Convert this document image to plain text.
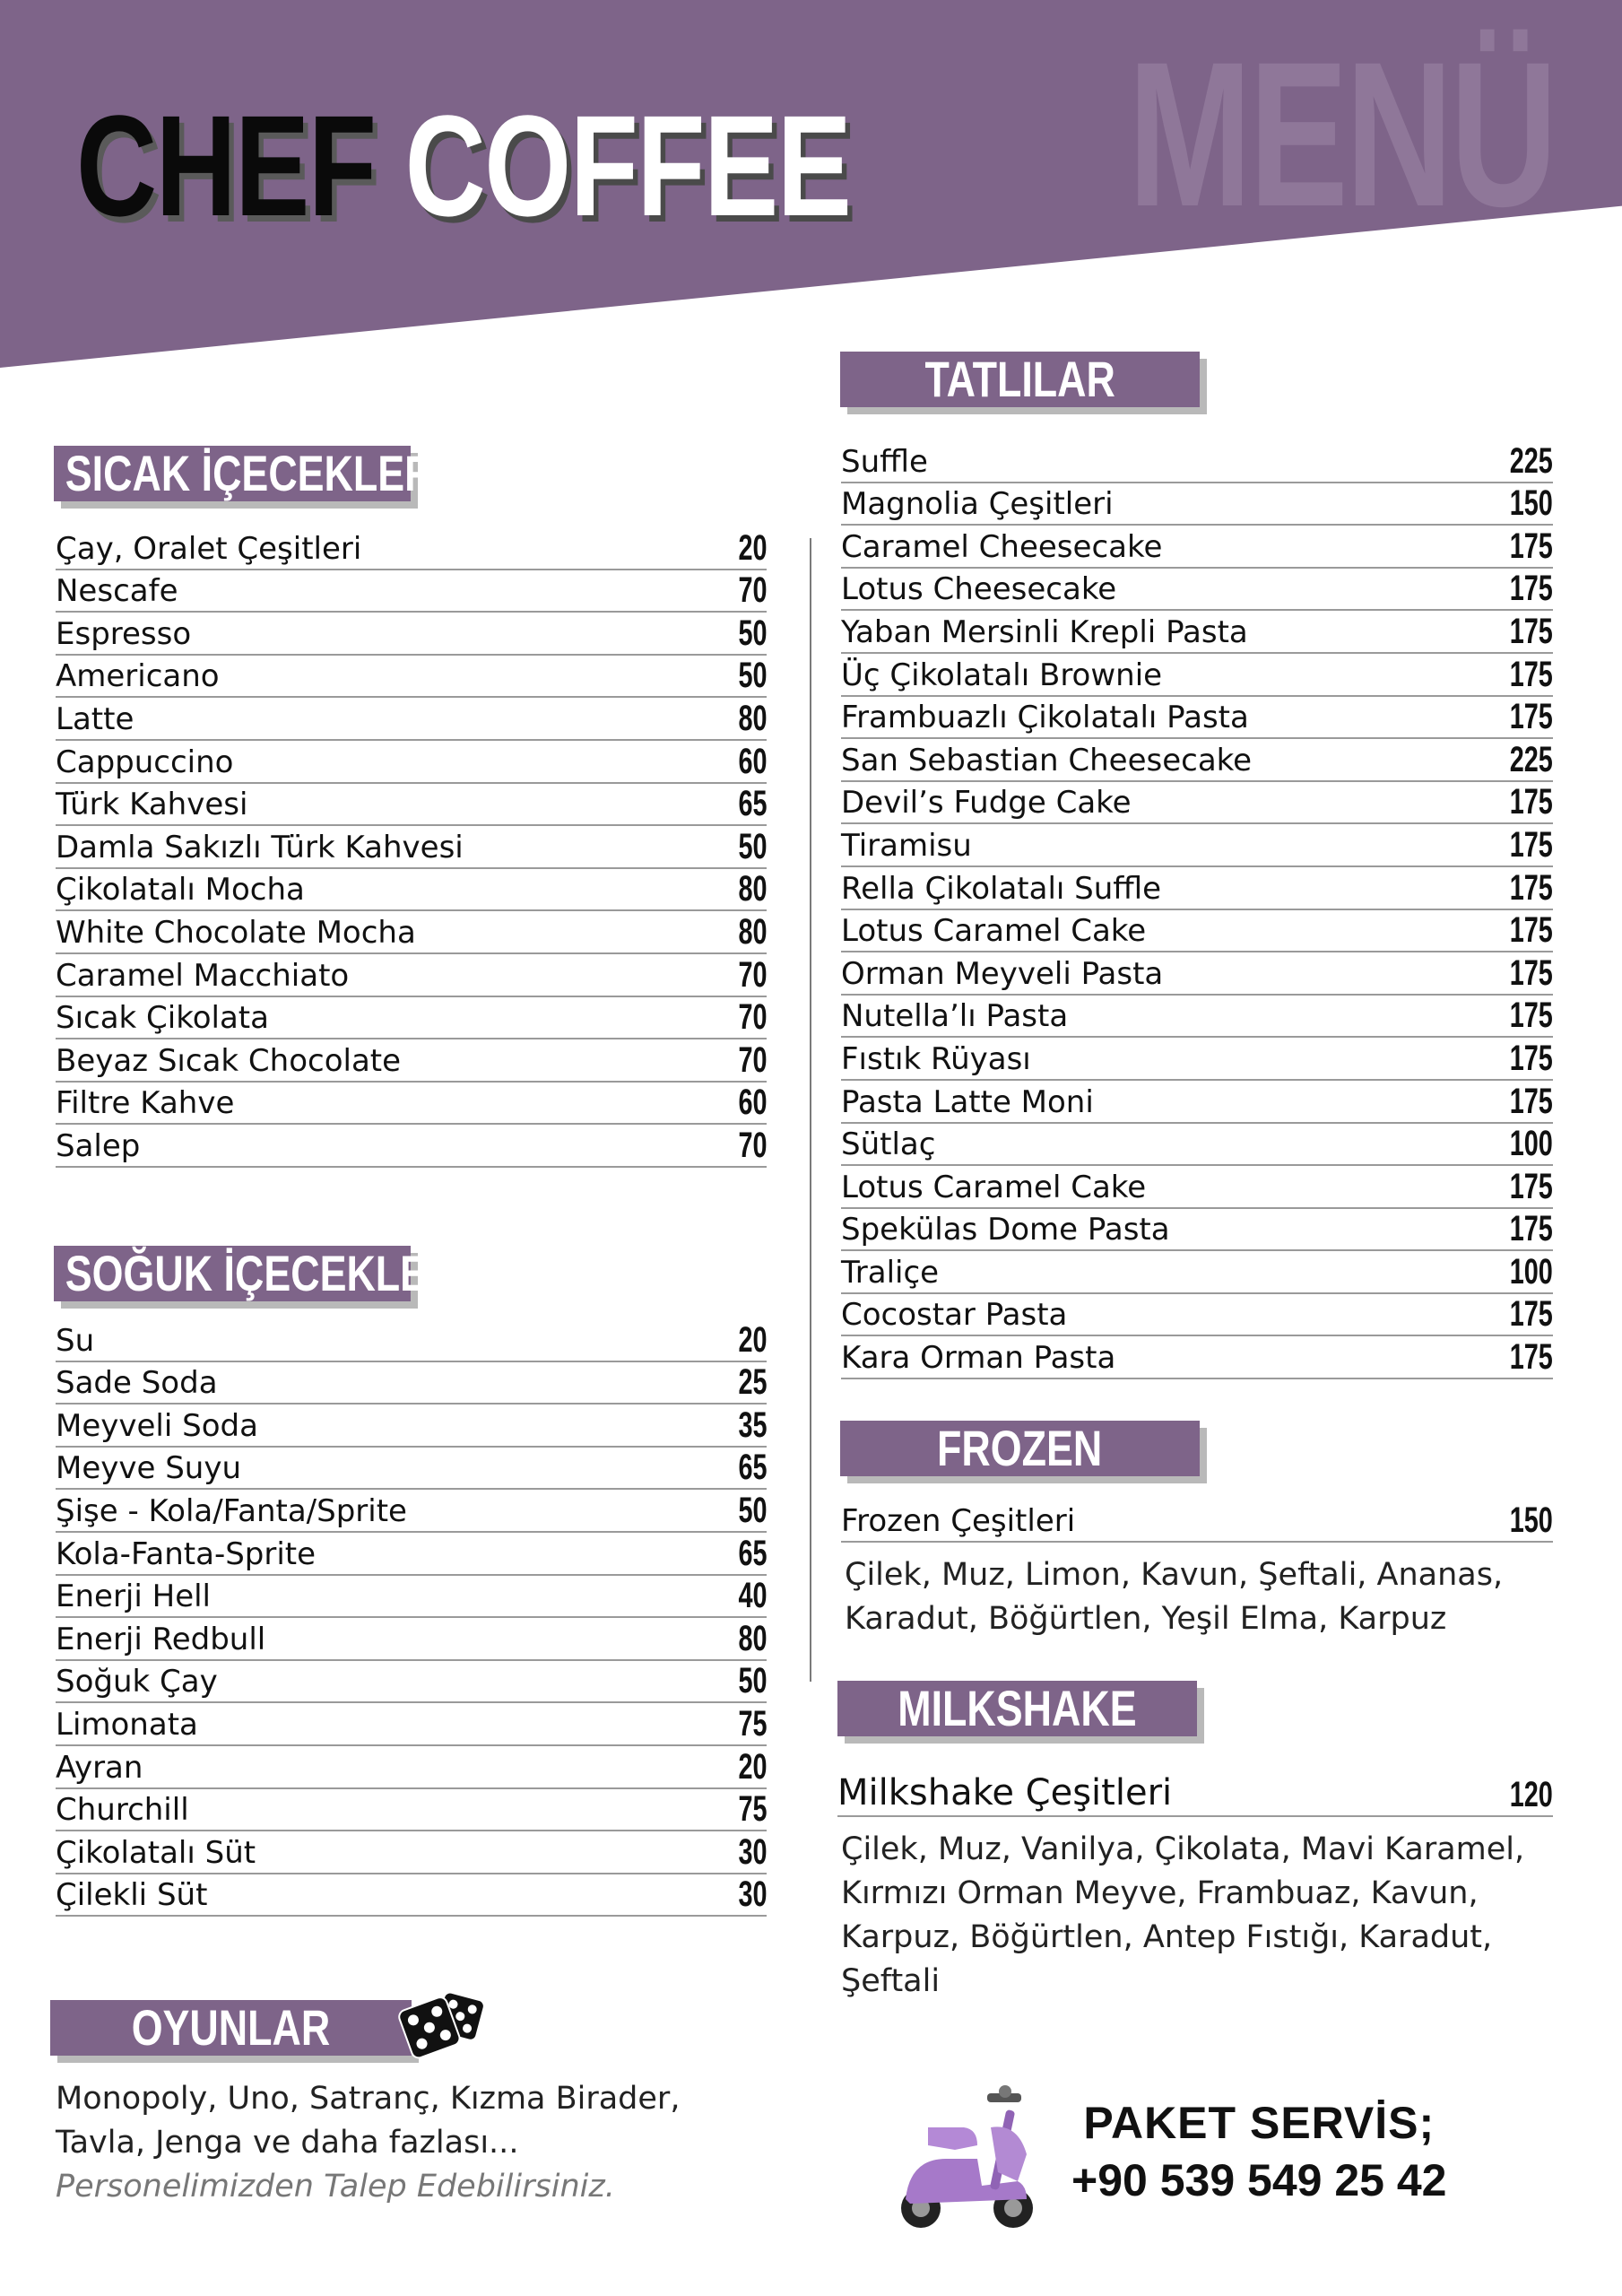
MENÜ
CHEF COFFEE
SICAK İÇECEKLER
Çay, Oralet Çeşitleri	20
Nescafe	70
Espresso	50
Americano	50
Latte	80
Cappuccino	60
Türk Kahvesi	65
Damla Sakızlı Türk Kahvesi	50
Çikolatalı Mocha	80
White Chocolate Mocha	80
Caramel Macchiato	70
Sıcak Çikolata	70
Beyaz Sıcak Chocolate	70
Filtre Kahve	60
Salep	70
SOĞUK İÇECEKLER
Su	20
Sade Soda	25
Meyveli Soda	35
Meyve Suyu	65
Şişe - Kola/Fanta/Sprite	50
Kola-Fanta-Sprite	65
Enerji Hell	40
Enerji Redbull	80
Soğuk Çay	50
Limonata	75
Ayran	20
Churchill	75
Çikolatalı Süt	30
Çilekli Süt	30
OYUNLAR
Monopoly, Uno, Satranç, Kızma Birader,
Tavla, Jenga ve daha fazlası...
Personelimizden Talep Edebilirsiniz.
TATLILAR
Suffle	225
Magnolia Çeşitleri	150
Caramel Cheesecake	175
Lotus Cheesecake	175
Yaban Mersinli Krepli Pasta	175
Üç Çikolatalı Brownie	175
Frambuazlı Çikolatalı Pasta	175
San Sebastian Cheesecake	225
Devil’s Fudge Cake	175
Tiramisu	175
Rella Çikolatalı Suffle	175
Lotus Caramel Cake	175
Orman Meyveli Pasta	175
Nutella’lı Pasta	175
Fıstık Rüyası	175
Pasta Latte Moni	175
Sütlaç	100
Lotus Caramel Cake	175
Spekülas Dome Pasta	175
Traliçe	100
Cocostar Pasta	175
Kara Orman Pasta	175
FROZEN
Frozen Çeşitleri	150
Çilek, Muz, Limon, Kavun, Şeftali, Ananas,
Karadut, Böğürtlen, Yeşil Elma, Karpuz
MILKSHAKE
Milkshake Çeşitleri	120
Çilek, Muz, Vanilya, Çikolata, Mavi Karamel,
Kırmızı Orman Meyve, Frambuaz, Kavun,
Karpuz, Böğürtlen, Antep Fıstığı, Karadut,
Şeftali
PAKET SERVİS;
+90 539 549 25 42
